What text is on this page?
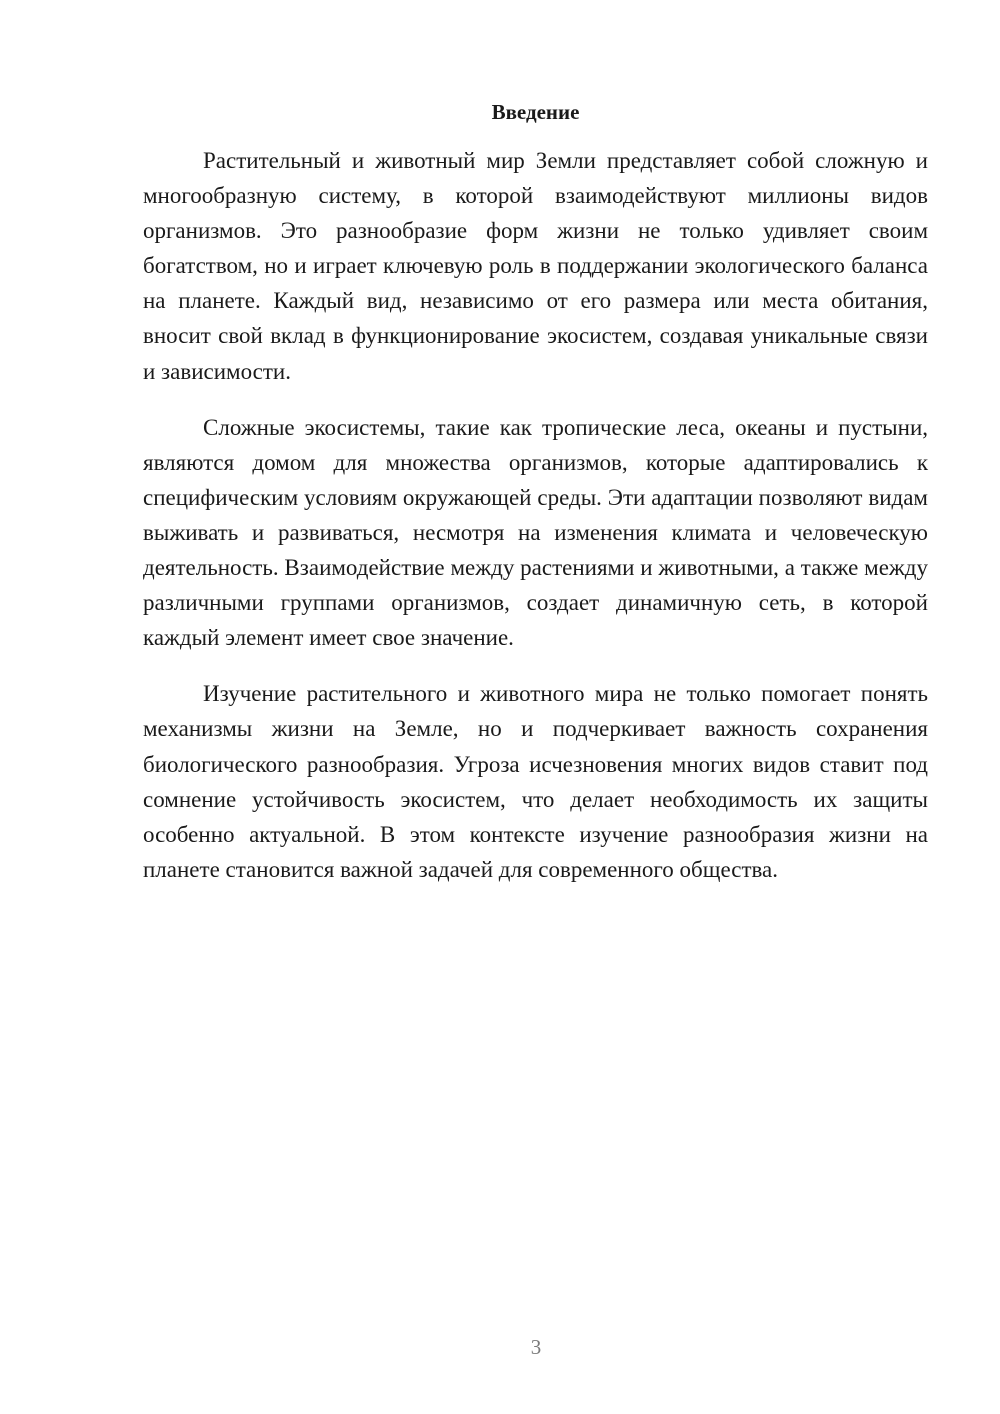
Введение

Растительный и животный мир Земли представляет собой сложную и многообразную систему, в которой взаимодействуют миллионы видов организмов. Это разнообразие форм жизни не только удивляет своим богатством, но и играет ключевую роль в поддержании экологического баланса на планете. Каждый вид, независимо от его размера или места обитания, вносит свой вклад в функционирование экосистем, создавая уникальные связи и зависимости.

Сложные экосистемы, такие как тропические леса, океаны и пустыни, являются домом для множества организмов, которые адаптировались к специфическим условиям окружающей среды. Эти адаптации позволяют видам выживать и развиваться, несмотря на изменения климата и человеческую деятельность. Взаимодействие между растениями и животными, а также между различными группами организмов, создает динамичную сеть, в которой каждый элемент имеет свое значение.

Изучение растительного и животного мира не только помогает понять механизмы жизни на Земле, но и подчеркивает важность сохранения биологического разнообразия. Угроза исчезновения многих видов ставит под сомнение устойчивость экосистем, что делает необходимость их защиты особенно актуальной. В этом контексте изучение разнообразия жизни на планете становится важной задачей для современного общества.

3
